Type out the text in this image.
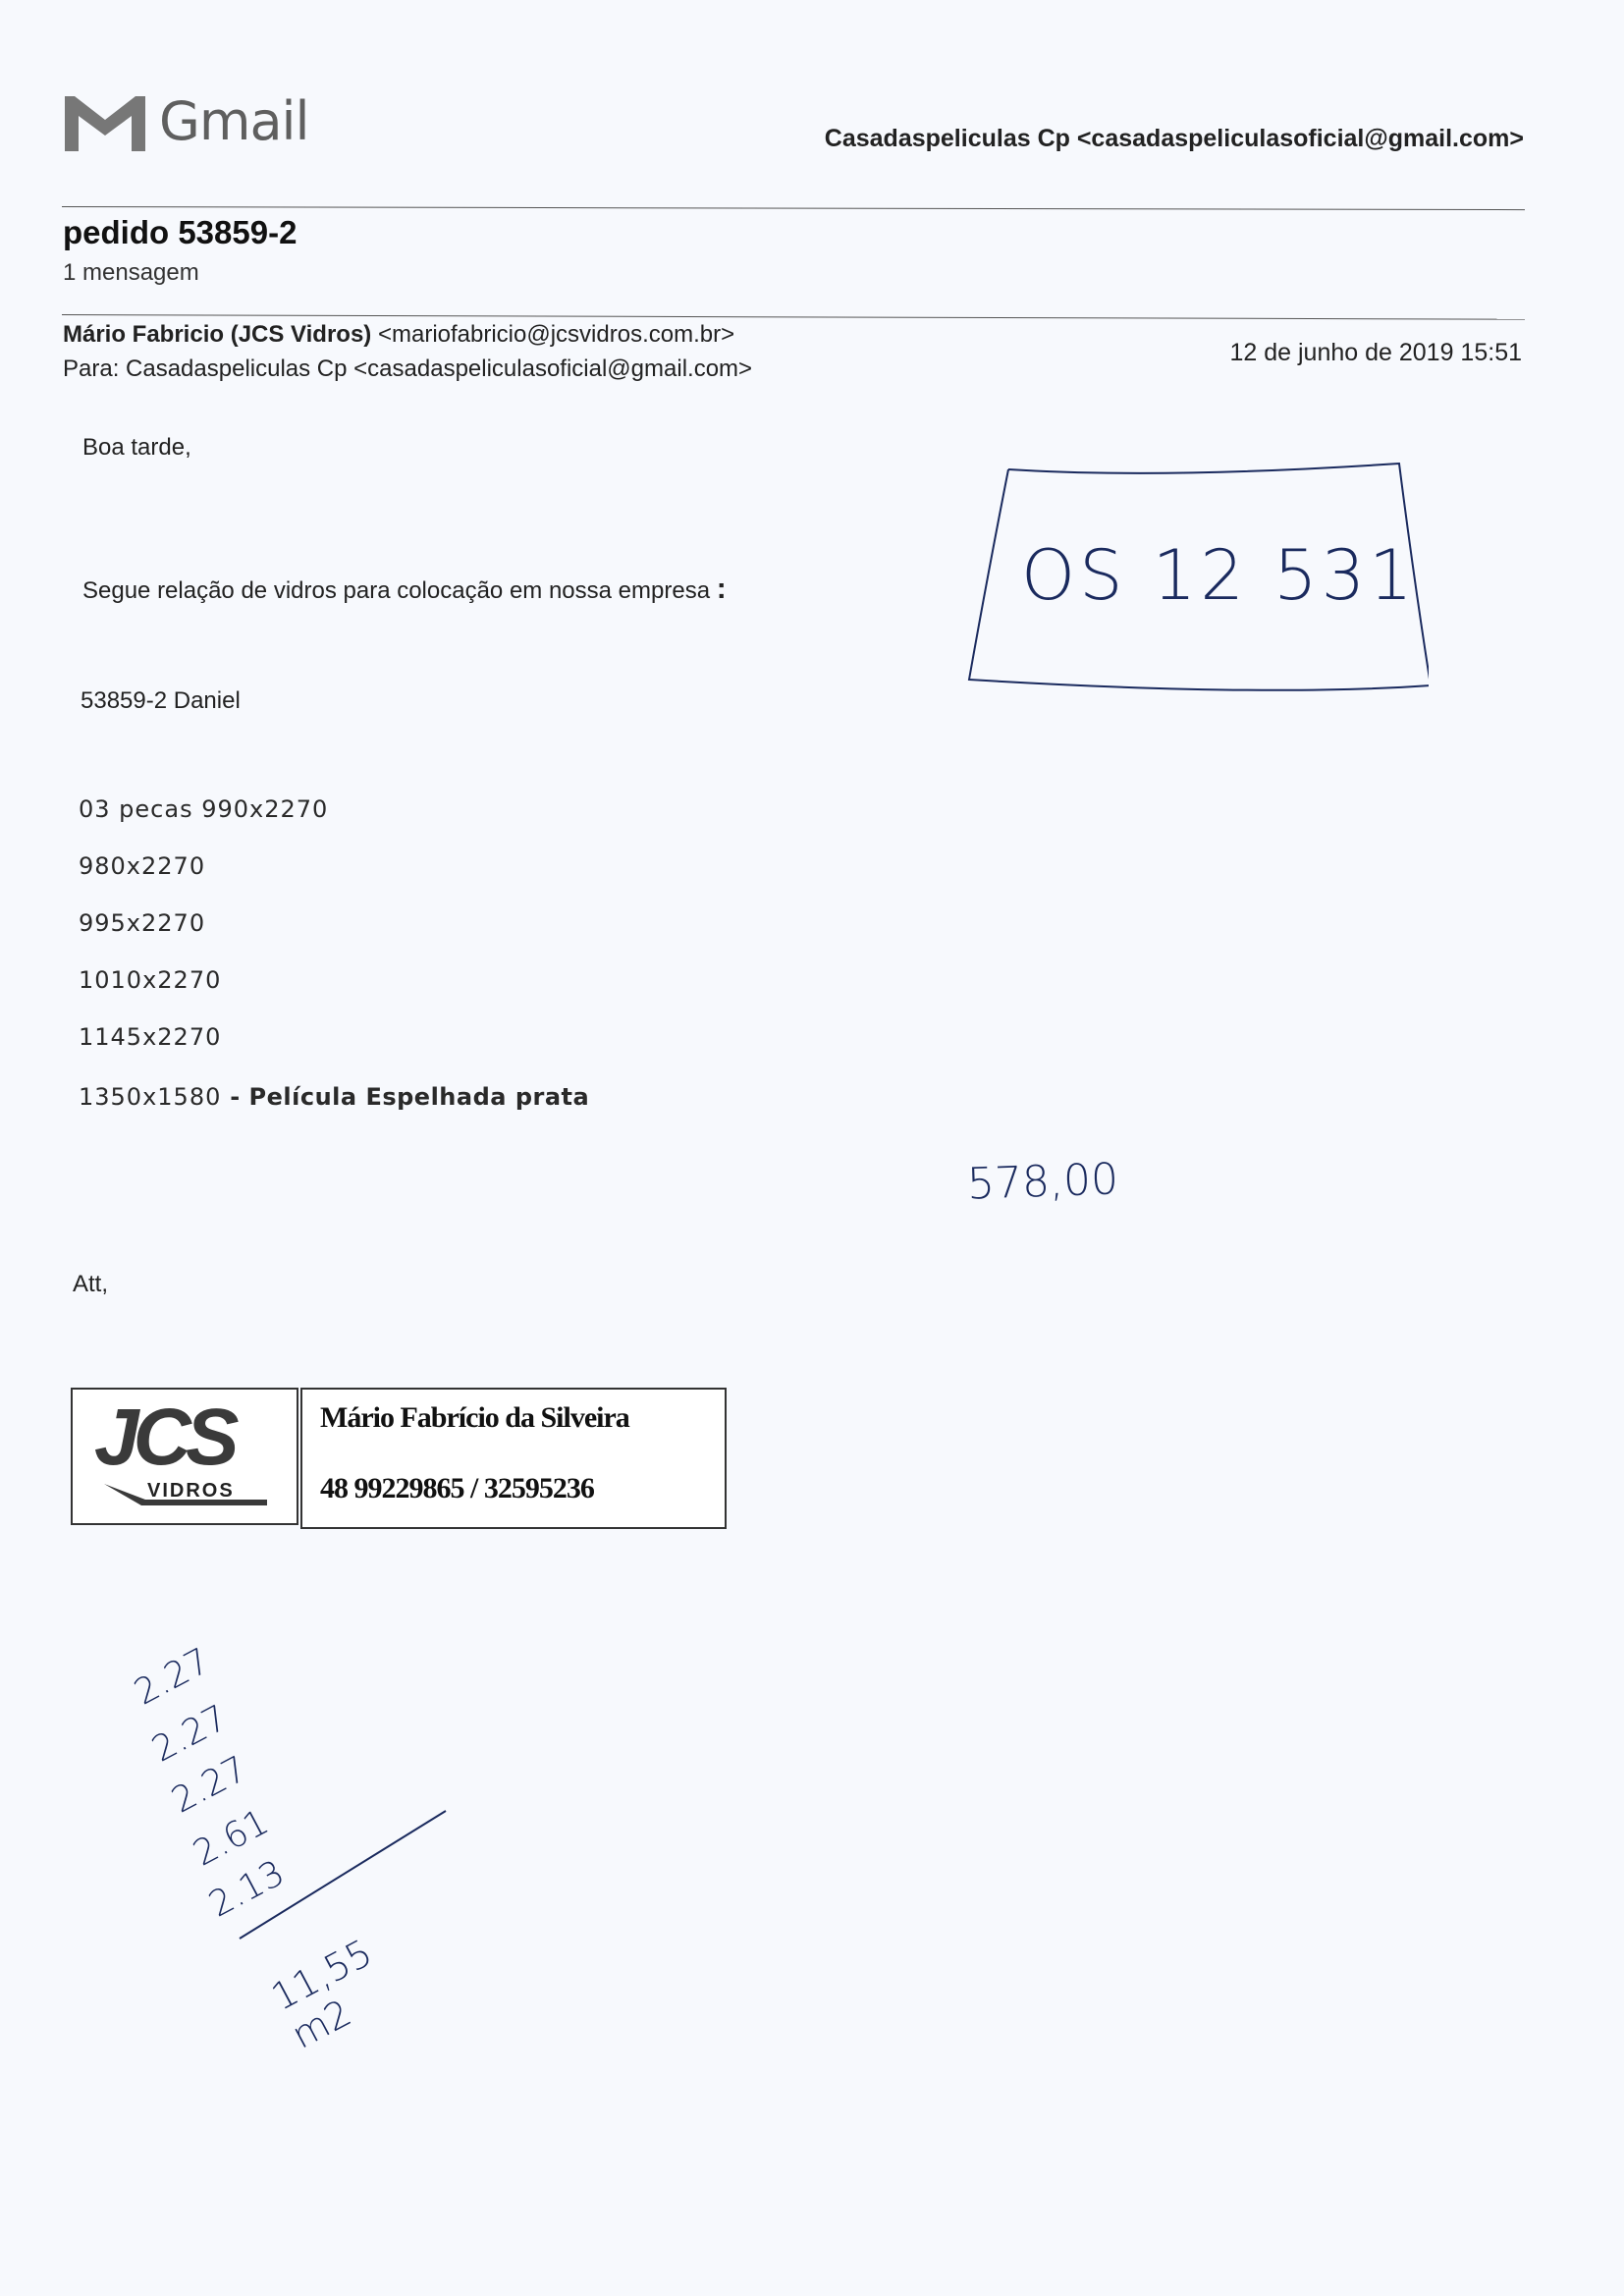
Gmail	Casadaspeliculas Cp <casadaspeliculasoficial@gmail.com>
pedido 53859-2
1 mensagem
Mário Fabricio (JCS Vidros) <mariofabricio@jcsvidros.com.br>
Para: Casadaspeliculas Cp <casadaspeliculasoficial@gmail.com>
12 de junho de 2019 15:51
Boa tarde,
Segue relação de vidros para colocação em nossa empresa :
53859-2 Daniel
03 pecas 990x2270
980x2270
995x2270
1010x2270
1145x2270
1350x1580 - Película Espelhada prata
Att,
JCS
VIDROS
Mário Fabrício da Silveira
48 99229865 / 32595236
OS 12 531
578,00
2.27
2.27
2.27
2.61
2.13
11,55 m2
